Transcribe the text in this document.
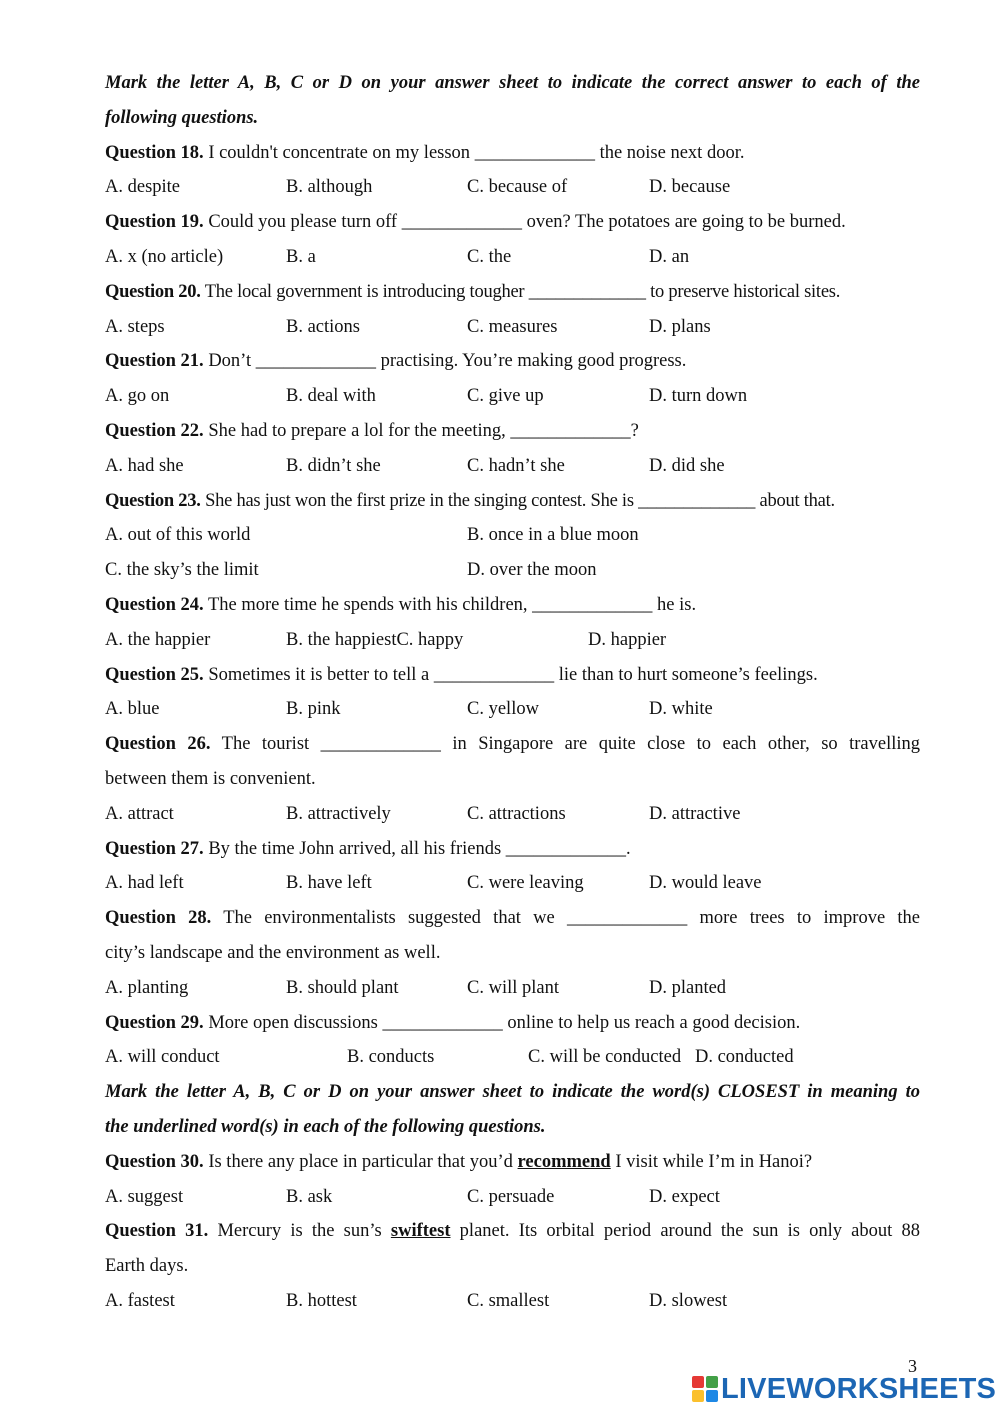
Mark the letter A, B, C or D on your answer sheet to indicate the correct answer to each of the
following questions.
Question 18. I couldn't concentrate on my lesson _____________ the noise next door.
A. despite	B. although	C. because of	D. because
Question 19. Could you please turn off _____________ oven? The potatoes are going to be burned.
A. x (no article)	B. a	C. the	D. an
Question 20. The local government is introducing tougher _____________ to preserve historical sites.
A. steps	B. actions	C. measures	D. plans
Question 21. Don’t _____________ practising. You’re making good progress.
A. go on	B. deal with	C. give up	D. turn down
Question 22. She had to prepare a lol for the meeting, _____________?
A. had she	B. didn’t she	C. hadn’t she	D. did she
Question 23. She has just won the first prize in the singing contest. She is _____________ about that.
A. out of this world	B. once in a blue moon
C. the sky’s the limit	D. over the moon
Question 24. The more time he spends with his children, _____________ he is.
A. the happier	B. the happiestC. happy	D. happier
Question 25. Sometimes it is better to tell a _____________ lie than to hurt someone’s feelings.
A. blue	B. pink	C. yellow	D. white
Question 26. The tourist _____________ in Singapore are quite close to each other, so travelling
between them is convenient.
A. attract	B. attractively	C. attractions	D. attractive
Question 27. By the time John arrived, all his friends _____________.
A. had left	B. have left	C. were leaving	D. would leave
Question 28. The environmentalists suggested that we _____________ more trees to improve the
city’s landscape and the environment as well.
A. planting	B. should plant	C. will plant	D. planted
Question 29. More open discussions _____________ online to help us reach a good decision.
A. will conduct	B. conducts	C. will be conducted   D. conducted
Mark the letter A, B, C or D on your answer sheet to indicate the word(s) CLOSEST in meaning to
the underlined word(s) in each of the following questions.
Question 30. Is there any place in particular that you’d recommend I visit while I’m in Hanoi?
A. suggest	B. ask	C. persuade	D. expect
Question 31. Mercury is the sun’s swiftest planet. Its orbital period around the sun is only about 88
Earth days.
A. fastest	B. hottest	C. smallest	D. slowest
3
LIVEWORKSHEETS
